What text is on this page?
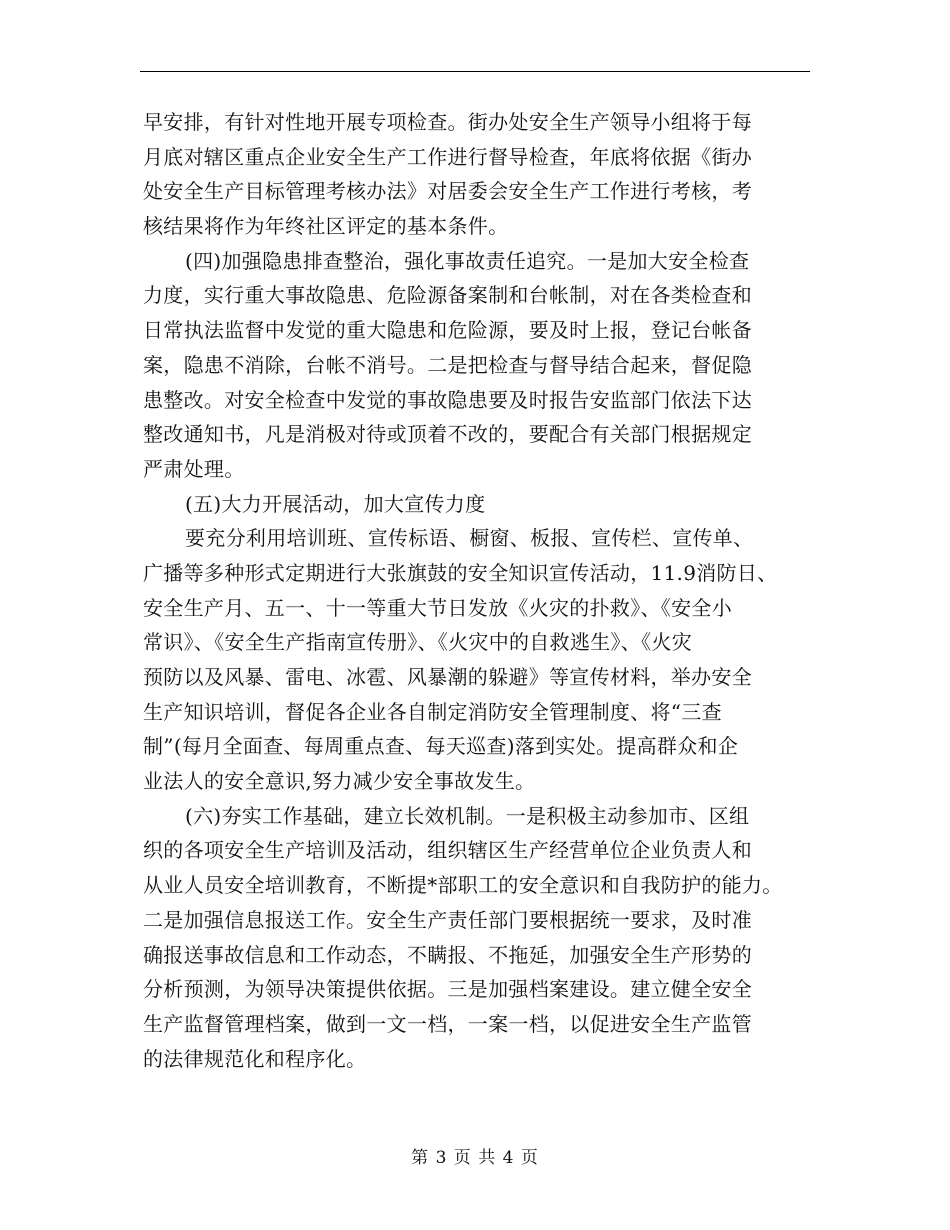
早安排，有针对性地开展专项检查。街办处安全生产领导小组将于每
月底对辖区重点企业安全生产工作进行督导检查，年底将依据《街办
处安全生产目标管理考核办法》对居委会安全生产工作进行考核，考
核结果将作为年终社区评定的基本条件。
(四)加强隐患排查整治，强化事故责任追究。一是加大安全检查
力度，实行重大事故隐患、危险源备案制和台帐制，对在各类检查和
日常执法监督中发觉的重大隐患和危险源，要及时上报，登记台帐备
案，隐患不消除，台帐不消号。二是把检查与督导结合起来，督促隐
患整改。对安全检查中发觉的事故隐患要及时报告安监部门依法下达
整改通知书，凡是消极对待或顶着不改的，要配合有关部门根据规定
严肃处理。
(五)大力开展活动，加大宣传力度
要充分利用培训班、宣传标语、橱窗、板报、宣传栏、宣传单、
广播等多种形式定期进行大张旗鼓的安全知识宣传活动，11.9消防日、
安全生产月、五一、十一等重大节日发放《火灾的扑救》、《安全小
常识》、《安全生产指南宣传册》、《火灾中的自救逃生》、《火灾
预防以及风暴、雷电、冰雹、风暴潮的躲避》等宣传材料，举办安全
生产知识培训，督促各企业各自制定消防安全管理制度、将“三查
制”(每月全面查、每周重点查、每天巡查)落到实处。提高群众和企
业法人的安全意识,努力减少安全事故发生。
(六)夯实工作基础，建立长效机制。一是积极主动参加市、区组
织的各项安全生产培训及活动，组织辖区生产经营单位企业负责人和
从业人员安全培训教育，不断提*部职工的安全意识和自我防护的能力。
二是加强信息报送工作。安全生产责任部门要根据统一要求，及时准
确报送事故信息和工作动态，不瞒报、不拖延，加强安全生产形势的
分析预测，为领导决策提供依据。三是加强档案建设。建立健全安全
生产监督管理档案，做到一文一档，一案一档，以促进安全生产监管
的法律规范化和程序化。
第 3 页 共 4 页
